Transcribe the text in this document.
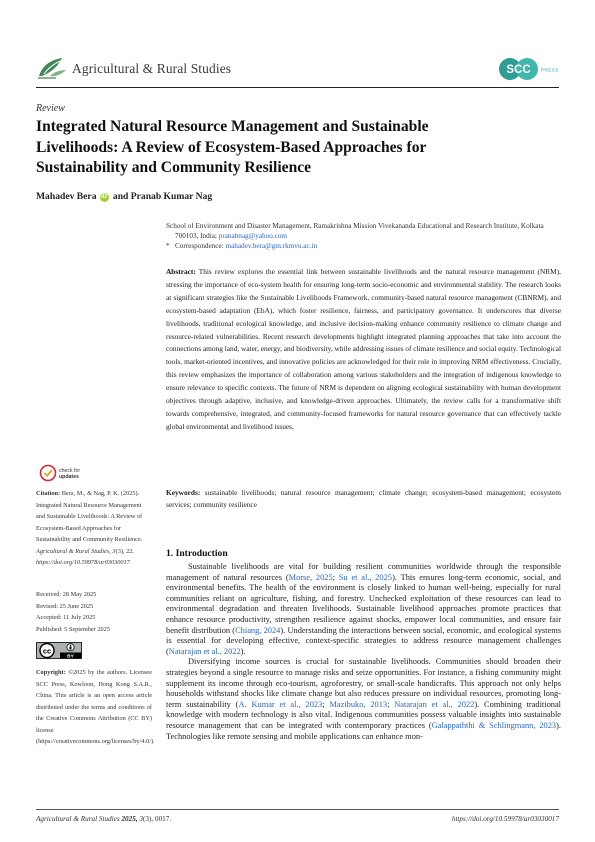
Agricultural & Rural Studies	SCC PRESS
Review
Integrated Natural Resource Management and Sustainable Livelihoods: A Review of Ecosystem-Based Approaches for Sustainability and Community Resilience
Mahadev Bera iD and Pranab Kumar Nag
School of Environment and Disaster Management, Ramakrishna Mission Vivekananda Educational and Research Institute, Kolkata 700103, India; pranabnag@yahoo.com
* Correspondence: mahadev.bera@gm.rkmvu.ac.in
Abstract: This review explores the essential link between sustainable livelihoods and the natural resource management (NRM), stressing the importance of eco-system health for ensuring long-term socio-economic and environmental stability. The research looks at significant strategies like the Sustainable Livelihoods Framework, community-based natural resource management (CBNRM), and ecosystem-based adaptation (EbA), which foster resilience, fairness, and participatory governance. It underscores that diverse livelihoods, traditional ecological knowledge, and inclusive decision-making enhance community resilience to climate change and resource-related vulnerabilities. Recent research developments highlight integrated planning approaches that take into account the connections among land, water, energy, and biodiversity, while addressing issues of climate resilience and social equity. Technological tools, market-oriented incentives, and innovative policies are acknowledged for their role in improving NRM effectiveness. Crucially, this review emphasizes the importance of collaboration among various stakeholders and the integration of indigenous knowledge to ensure relevance to specific contexts. The future of NRM is dependent on aligning ecological sustainability with human development objectives through adaptive, inclusive, and knowledge-driven approaches. Ultimately, the review calls for a transformative shift towards comprehensive, integrated, and community-focused frameworks for natural resource governance that can effectively tackle global environmental and livelihood issues.
Keywords: sustainable livelihoods; natural resource management; climate change; ecosystem-based management; ecosystem services; community resilience
check for
updates
Citation: Bera, M., & Nag, P. K. (2025). Integrated Natural Resource Management and Sustainable Livelihoods: A Review of Ecosystem-Based Approaches for Sustainability and Community Resilience. Agricultural & Rural Studies, 3(3), 22. https://doi.org/10.59978/ar03030017
Received: 28 May 2025
Revised: 25 June 2025
Accepted: 11 July 2025
Published: 5 September 2025
cc
BY
Copyright: ©2025 by the authors. Licensee SCC Press, Kowloon, Hong Kong S.A.R., China. This article is an open access article distributed under the terms and conditions of the Creative Commons Attribution (CC BY) license (https://creativecommons.org/licenses/by/4.0/).
1. Introduction

Sustainable livelihoods are vital for building resilient communities worldwide through the responsible management of natural resources (Morse, 2025; Su et al., 2025). This ensures long-term economic, social, and environmental benefits. The health of the environment is closely linked to human well-being, especially for rural communities reliant on agriculture, fishing, and forestry. Unchecked exploitation of these resources can lead to environmental degradation and threaten livelihoods. Sustainable livelihood approaches promote practices that enhance resource productivity, strengthen resilience against shocks, empower local communities, and ensure fair benefit distribution (Chiang, 2024). Understanding the interactions between social, economic, and ecological systems is essential for developing effective, context-specific strategies to address resource management challenges (Natarajan et al., 2022).

Diversifying income sources is crucial for sustainable livelihoods. Communities should broaden their strategies beyond a single resource to manage risks and seize opportunities. For instance, a fishing community might supplement its income through eco-tourism, agroforestry, or small-scale handicrafts. This approach not only helps households withstand shocks like climate change but also reduces pressure on individual resources, promoting long-term sustainability (A. Kumar et al., 2023; Mazibuko, 2013; Natarajan et al., 2022). Combining traditional knowledge with modern technology is also vital. Indigenous communities possess valuable insights into sustainable resource management that can be integrated with contemporary practices (Galappaththi & Schlingmann, 2023). Technologies like remote sensing and mobile applications can enhance mon-

Agricultural & Rural Studies 2025, 3(3), 0017.	https://doi.org/10.59978/ar03030017
